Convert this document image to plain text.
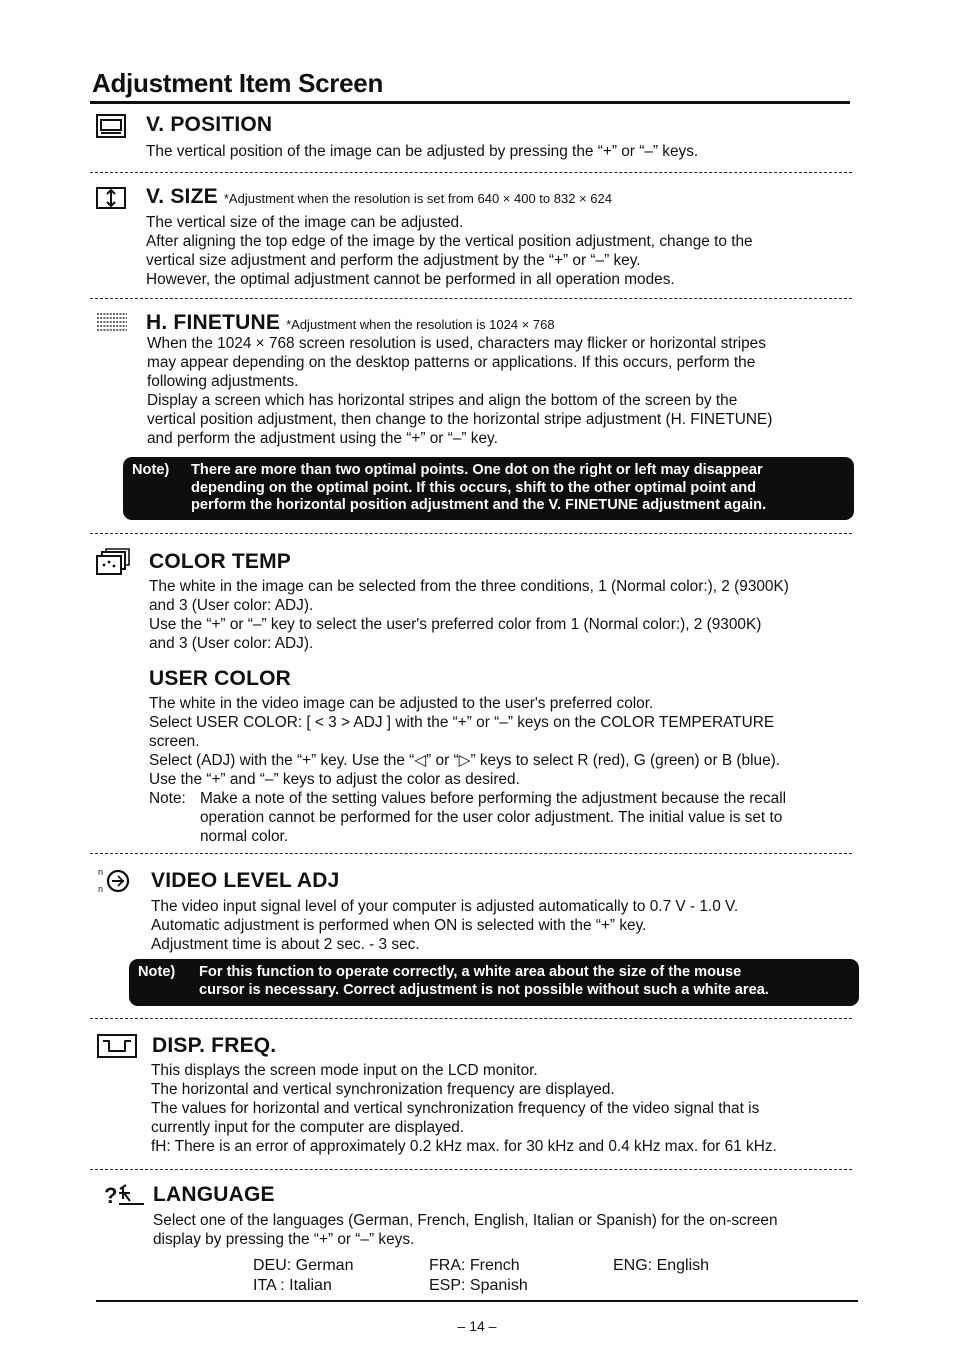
Adjustment Item Screen
V. POSITION

The vertical position of the image can be adjusted by pressing the “+” or “–” keys.

V. SIZE *Adjustment when the resolution is set from 640 × 400 to 832 × 624

The vertical size of the image can be adjusted.

After aligning the top edge of the image by the vertical position adjustment, change to the

vertical size adjustment and perform the adjustment by the “+” or “–” key.

However, the optimal adjustment cannot be performed in all operation modes.

H. FINETUNE *Adjustment when the resolution is 1024 × 768

When the 1024 × 768 screen resolution is used, characters may flicker or horizontal stripes

may appear depending on the desktop patterns or applications. If this occurs, perform the

following adjustments.

Display a screen which has horizontal stripes and align the bottom of the screen by the

vertical position adjustment, then change to the horizontal stripe adjustment (H. FINETUNE)

and perform the adjustment using the “+” or “–” key.

Note) There are more than two optimal points. One dot on the right or left may disappear
depending on the optimal point. If this occurs, shift to the other optimal point and
perform the horizontal position adjustment and the V. FINETUNE adjustment again.
COLOR TEMP

The white in the image can be selected from the three conditions, 1 (Normal color:), 2 (9300K)

and 3 (User color: ADJ).

Use the “+” or “–” key to select the user's preferred color from 1 (Normal color:), 2 (9300K)

and 3 (User color: ADJ).

USER COLOR

The white in the video image can be adjusted to the user's preferred color.

Select USER COLOR: [ < 3 > ADJ ] with the “+” or “–” keys on the COLOR TEMPERATURE

screen.

Select (ADJ) with the “+” key. Use the “◁” or “▷” keys to select R (red), G (green) or B (blue).

Use the “+” and “–” keys to adjust the color as desired.

Note: Make a note of the setting values before performing the adjustment because the recall

operation cannot be performed for the user color adjustment. The initial value is set to

normal color.

n
n VIDEO LEVEL ADJ

The video input signal level of your computer is adjusted automatically to 0.7 V - 1.0 V.

Automatic adjustment is performed when ON is selected with the “+” key.

Adjustment time is about 2 sec. - 3 sec.

Note) For this function to operate correctly, a white area about the size of the mouse
cursor is necessary. Correct adjustment is not possible without such a white area.
DISP. FREQ.

This displays the screen mode input on the LCD monitor.

The horizontal and vertical synchronization frequency are displayed.

The values for horizontal and vertical synchronization frequency of the video signal that is

currently input for the computer are displayed.

fH: There is an error of approximately 0.2 kHz max. for 30 kHz and 0.4 kHz max. for 61 kHz.

? LANGUAGE

Select one of the languages (German, French, English, Italian or Spanish) for the on-screen

display by pressing the “+” or “–” keys.

DEU: German	FRA: French	ENG: English
ITA : Italian	ESP: Spanish
– 14 –
